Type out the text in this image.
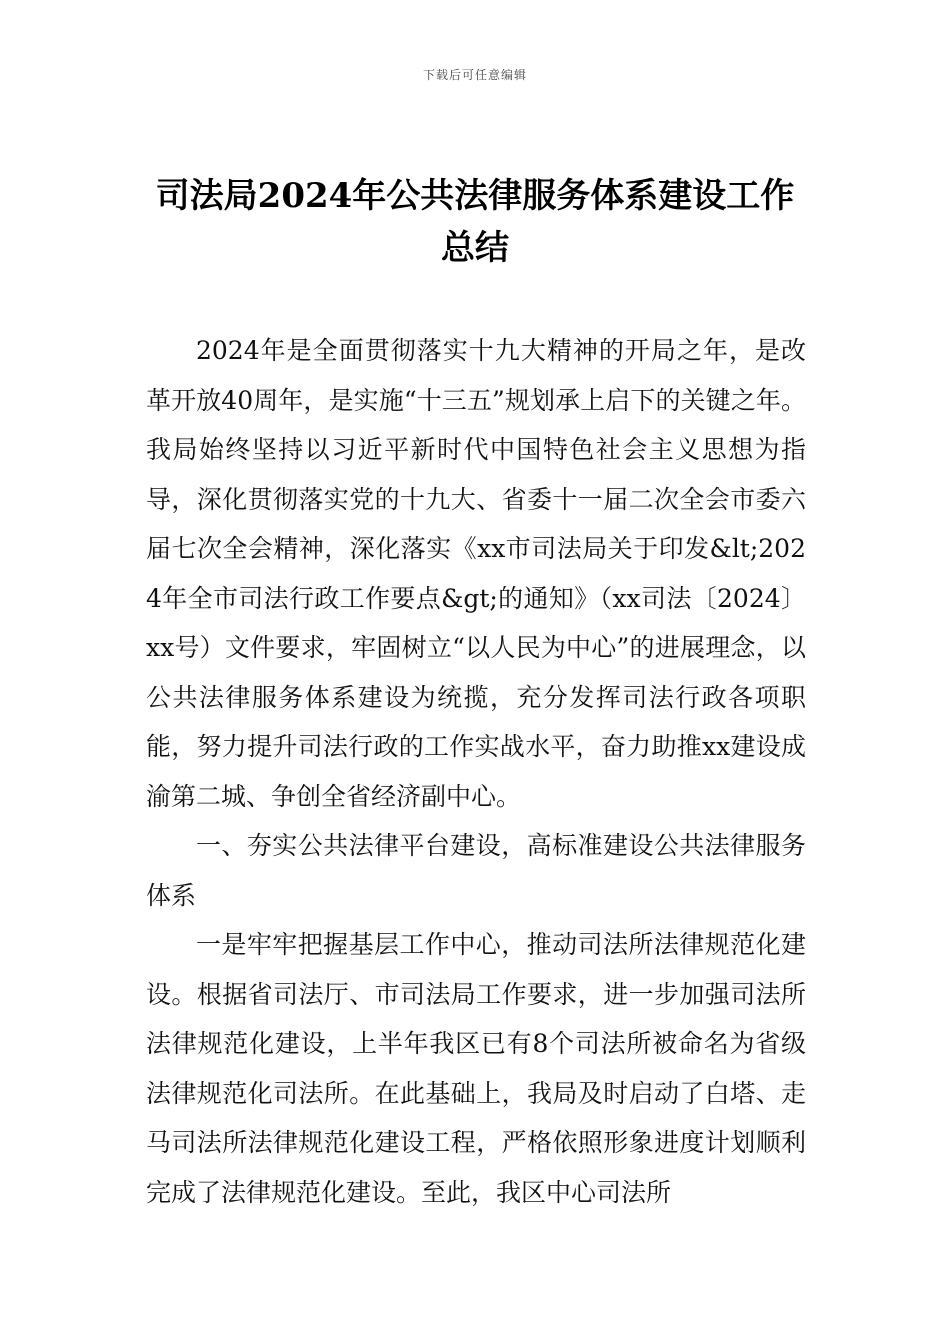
下载后可任意编辑
司法局2024年公共法律服务体系建设工作
总结

2024年是全面贯彻落实十九大精神的开局之年，是改革开放40周年，是实施“十三五”规划承上启下的关键之年。我局始终坚持以习近平新时代中国特色社会主义思想为指导，深化贯彻落实党的十九大、省委十一届二次全会市委六届七次全会精神，深化落实《xx市司法局关于印发&lt;2024年全市司法行政工作要点&gt;的通知》（xx司法〔2024〕xx号）文件要求，牢固树立“以人民为中心”的进展理念，以公共法律服务体系建设为统揽，充分发挥司法行政各项职能，努力提升司法行政的工作实战水平，奋力助推xx建设成渝第二城、争创全省经济副中心。

一、夯实公共法律平台建设，高标准建设公共法律服务体系

一是牢牢把握基层工作中心，推动司法所法律规范化建设。根据省司法厅、市司法局工作要求，进一步加强司法所法律规范化建设，上半年我区已有8个司法所被命名为省级法律规范化司法所。在此基础上，我局及时启动了白塔、走马司法所法律规范化建设工程，严格依照形象进度计划顺利完成了法律规范化建设。至此，我区中心司法所
